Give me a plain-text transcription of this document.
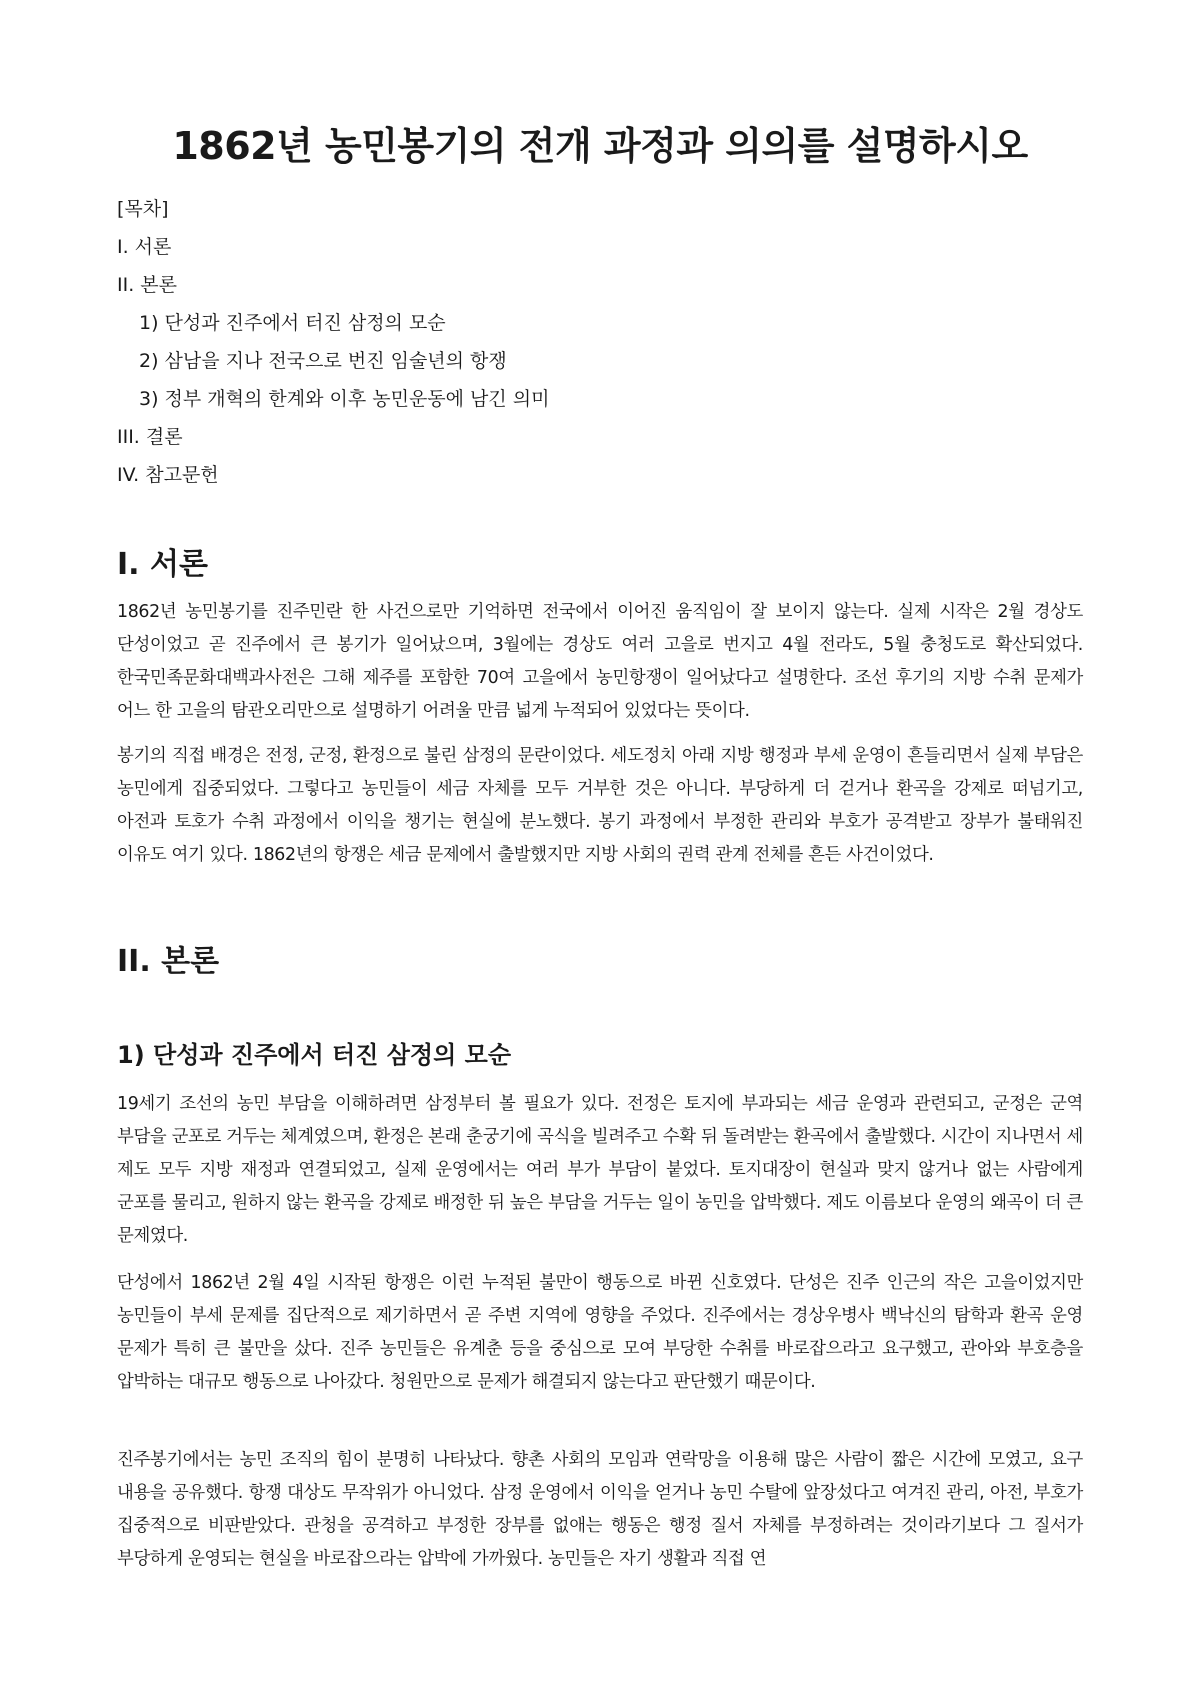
1862년 농민봉기의 전개 과정과 의의를 설명하시오
[목차]
I. 서론
II. 본론
1) 단성과 진주에서 터진 삼정의 모순
2) 삼남을 지나 전국으로 번진 임술년의 항쟁
3) 정부 개혁의 한계와 이후 농민운동에 남긴 의미
III. 결론
IV. 참고문헌
I. 서론

1862년 농민봉기를 진주민란 한 사건으로만 기억하면 전국에서 이어진 움직임이 잘 보이지 않는다. 실제 시작은 2월 경상도 단성이었고 곧 진주에서 큰 봉기가 일어났으며, 3월에는 경상도 여러 고을로 번지고 4월 전라도, 5월 충청도로 확산되었다. 한국민족문화대백과사전은 그해 제주를 포함한 70여 고을에서 농민항쟁이 일어났다고 설명한다. 조선 후기의 지방 수취 문제가 어느 한 고을의 탐관오리만으로 설명하기 어려울 만큼 넓게 누적되어 있었다는 뜻이다.

봉기의 직접 배경은 전정, 군정, 환정으로 불린 삼정의 문란이었다. 세도정치 아래 지방 행정과 부세 운영이 흔들리면서 실제 부담은 농민에게 집중되었다. 그렇다고 농민들이 세금 자체를 모두 거부한 것은 아니다. 부당하게 더 걷거나 환곡을 강제로 떠넘기고, 아전과 토호가 수취 과정에서 이익을 챙기는 현실에 분노했다. 봉기 과정에서 부정한 관리와 부호가 공격받고 장부가 불태워진 이유도 여기 있다. 1862년의 항쟁은 세금 문제에서 출발했지만 지방 사회의 권력 관계 전체를 흔든 사건이었다.

II. 본론
1) 단성과 진주에서 터진 삼정의 모순

19세기 조선의 농민 부담을 이해하려면 삼정부터 볼 필요가 있다. 전정은 토지에 부과되는 세금 운영과 관련되고, 군정은 군역 부담을 군포로 거두는 체계였으며, 환정은 본래 춘궁기에 곡식을 빌려주고 수확 뒤 돌려받는 환곡에서 출발했다. 시간이 지나면서 세 제도 모두 지방 재정과 연결되었고, 실제 운영에서는 여러 부가 부담이 붙었다. 토지대장이 현실과 맞지 않거나 없는 사람에게 군포를 물리고, 원하지 않는 환곡을 강제로 배정한 뒤 높은 부담을 거두는 일이 농민을 압박했다. 제도 이름보다 운영의 왜곡이 더 큰 문제였다.

단성에서 1862년 2월 4일 시작된 항쟁은 이런 누적된 불만이 행동으로 바뀐 신호였다. 단성은 진주 인근의 작은 고을이었지만 농민들이 부세 문제를 집단적으로 제기하면서 곧 주변 지역에 영향을 주었다. 진주에서는 경상우병사 백낙신의 탐학과 환곡 운영 문제가 특히 큰 불만을 샀다. 진주 농민들은 유계춘 등을 중심으로 모여 부당한 수취를 바로잡으라고 요구했고, 관아와 부호층을 압박하는 대규모 행동으로 나아갔다. 청원만으로 문제가 해결되지 않는다고 판단했기 때문이다.

진주봉기에서는 농민 조직의 힘이 분명히 나타났다. 향촌 사회의 모임과 연락망을 이용해 많은 사람이 짧은 시간에 모였고, 요구 내용을 공유했다. 항쟁 대상도 무작위가 아니었다. 삼정 운영에서 이익을 얻거나 농민 수탈에 앞장섰다고 여겨진 관리, 아전, 부호가 집중적으로 비판받았다. 관청을 공격하고 부정한 장부를 없애는 행동은 행정 질서 자체를 부정하려는 것이라기보다 그 질서가 부당하게 운영되는 현실을 바로잡으라는 압박에 가까웠다. 농민들은 자기 생활과 직접 연
